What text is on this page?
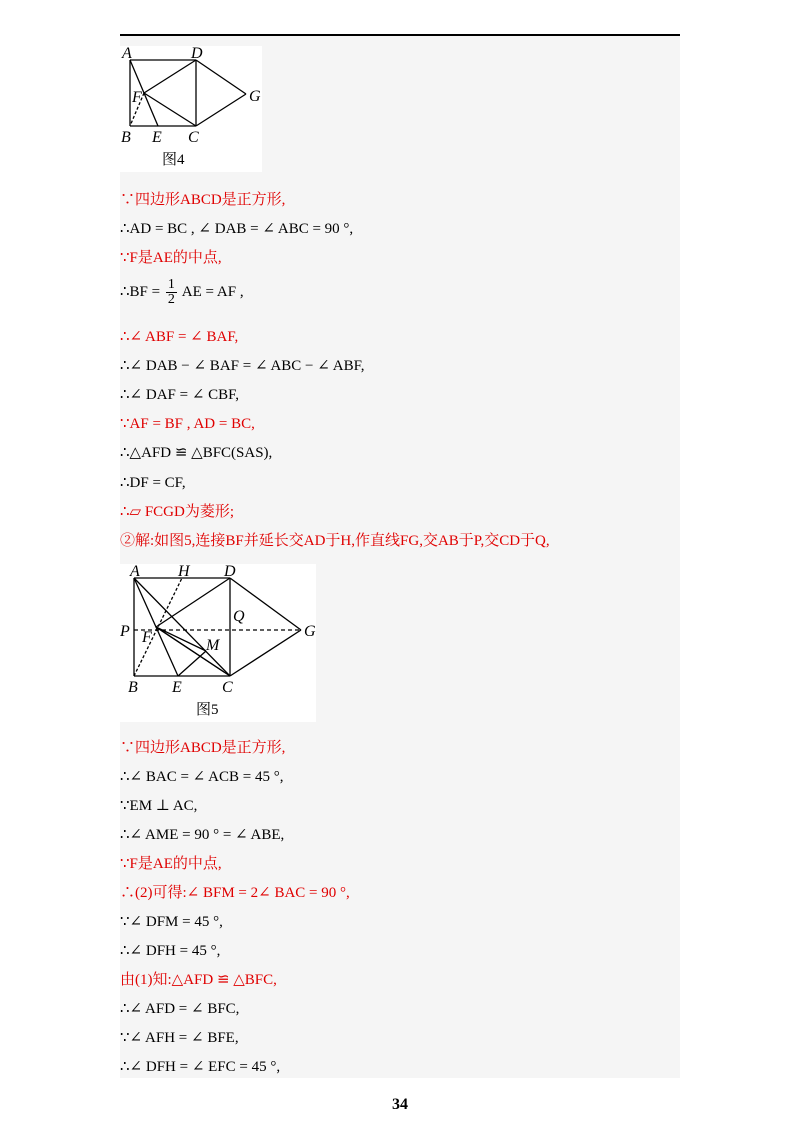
A	D
G
F
B E C
图4
∵四边形ABCD是正方形,
∴AD = BC , ∠ DAB = ∠ ABC = 90 °,
∵F是AE的中点,
∴BF = $\frac{1}{2}$ AE = AF ,
∴∠ ABF = ∠ BAF,
∴∠ DAB − ∠ BAF = ∠ ABC − ∠ ABF,
∴∠ DAF = ∠ CBF,
∵AF = BF , AD = BC,
∴△AFD ≌ △BFC(SAS),
∴DF = CF,
∴▱ FCGD为菱形;
②解:如图5,连接BF并延长交AD于H,作直线FG,交AB于P,交CD于Q,
A H D
P
Q
G
F	M
B E	C
图5
∵四边形ABCD是正方形,
∴∠ BAC = ∠ ACB = 45 °,
∵EM ⊥ AC,
∴∠ AME = 90 ° = ∠ ABE,
∵F是AE的中点,
∴(2)可得:∠ BFM = 2∠ BAC = 90 °,
∵∠ DFM = 45 °,
∴∠ DFH = 45 °,
由(1)知:△AFD ≌ △BFC,
∴∠ AFD = ∠ BFC,
∵∠ AFH = ∠ BFE,
∴∠ DFH = ∠ EFC = 45 °,
34
